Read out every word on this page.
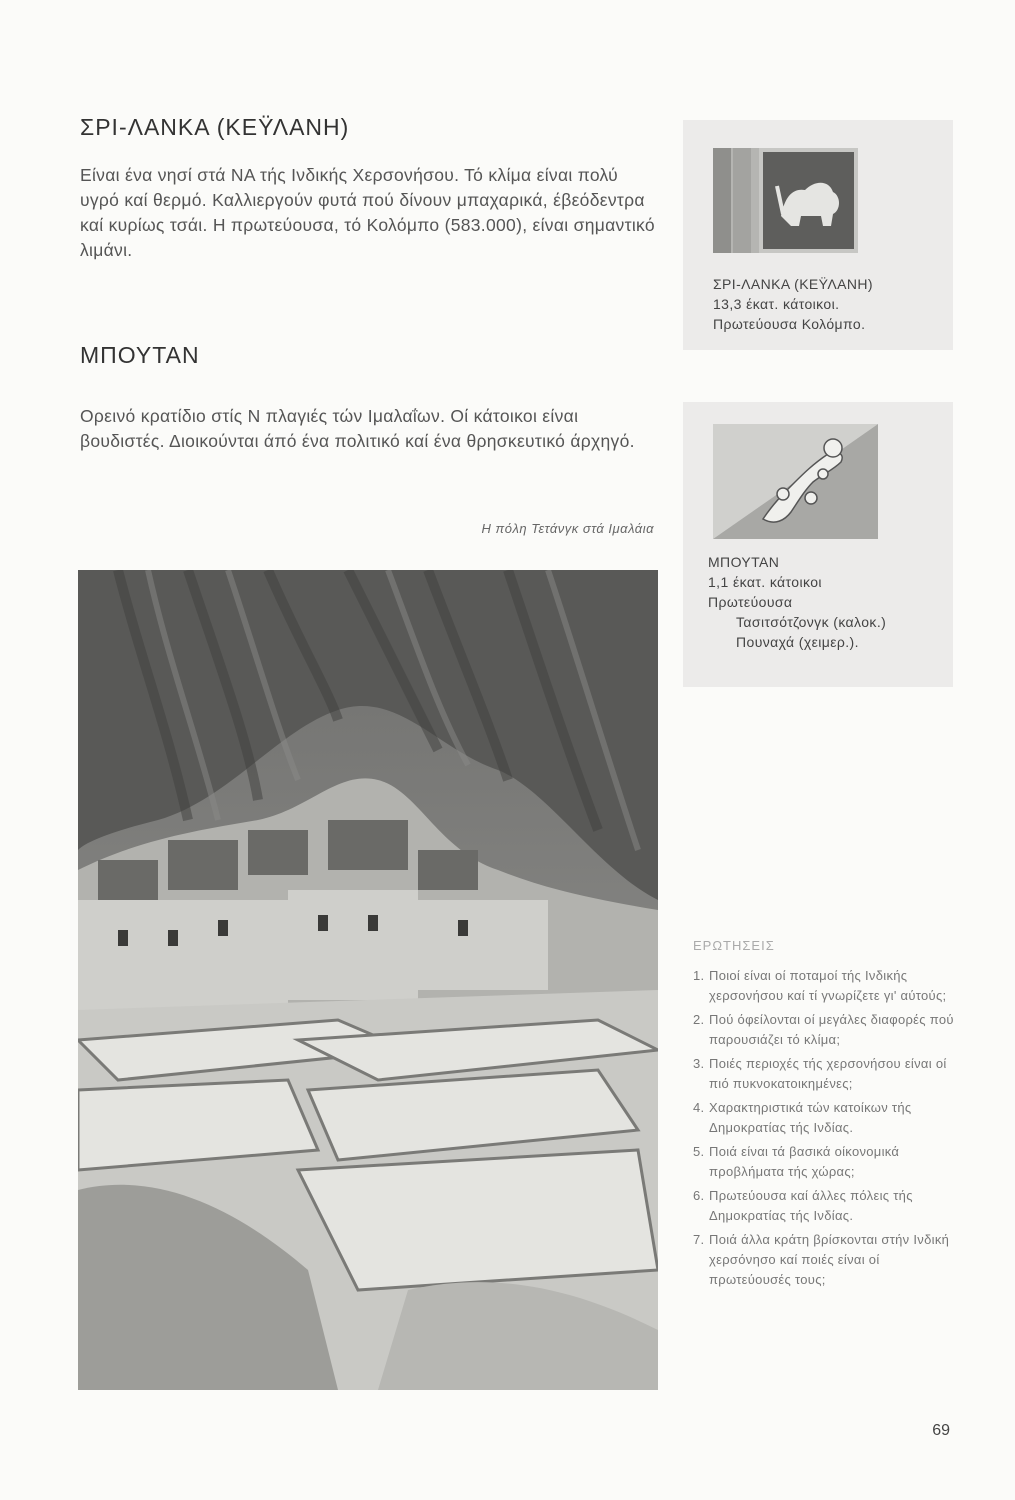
ΣΡΙ-ΛΑΝΚΑ (ΚΕΫΛΑΝΗ)

Είναι ένα νησί στά ΝΑ τής Ινδικής Χερσονήσου. Τό κλίμα είναι πολύ υγρό καί θερμό. Καλλιεργούν φυτά πού δίνουν μπαχαρικά, έβεόδεντρα καί κυρίως τσάι. Η πρωτεύουσα, τό Κολόμπο (583.000), είναι σημαντικό λιμάνι.

ΜΠΟΥΤΑΝ

Ορεινό κρατίδιο στίς Ν πλαγιές τών Ιμαλαΐων. Οί κάτοικοι είναι βουδιστές. Διοικούνται άπό ένα πολιτικό καί ένα θρησκευτικό άρχηγό.

Η πόλη Τετάνγκ στά Ιμαλάια
ΣΡΙ-ΛΑΝΚΑ (ΚΕΫΛΑΝΗ)
13,3 έκατ. κάτοικοι.
Πρωτεύουσα Κολόμπο.
ΜΠΟΥΤΑΝ
1,1 έκατ. κάτοικοι
Πρωτεύουσα
Τασιτσότζονγκ (καλοκ.)
Πουναχά (χειμερ.).
ΕΡΩΤΗΣΕΙΣ
1. Ποιοί είναι οί ποταμοί τής Ινδικής χερσονήσου καί τί γνωρίζετε γι' αύτούς;
2. Πού όφείλονται οί μεγάλες διαφορές πού παρουσιάζει τό κλίμα;
3. Ποιές περιοχές τής χερσονήσου είναι οί πιό πυκνοκατοικημένες;
4. Χαρακτηριστικά τών κατοίκων τής Δημοκρατίας τής Ινδίας.
5. Ποιά είναι τά βασικά οίκονομικά προβλήματα τής χώρας;
6. Πρωτεύουσα καί άλλες πόλεις τής Δημοκρατίας τής Ινδίας.
7. Ποιά άλλα κράτη βρίσκονται στήν Ινδική χερσόνησο καί ποιές είναι οί πρωτεύουσές τους;
69
